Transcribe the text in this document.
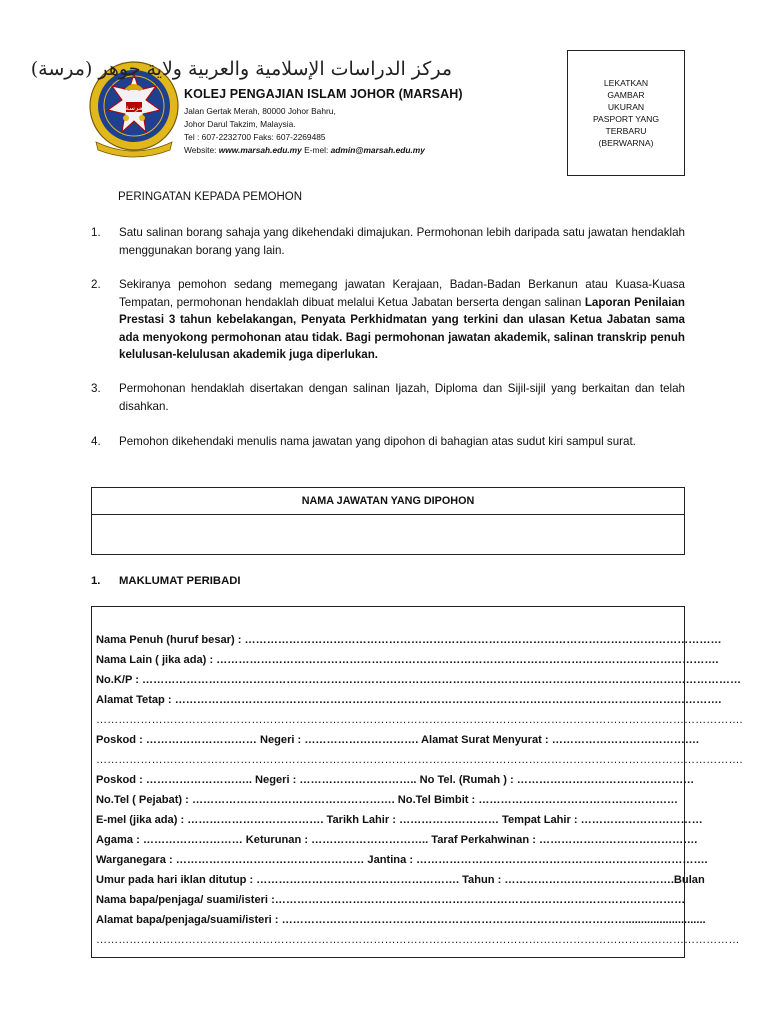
مرسة
مركز الدراسات الإسلامية والعربية ولاية جوهر (مرسة)
KOLEJ PENGAJIAN ISLAM JOHOR (MARSAH)
Jalan Gertak Merah, 80000 Johor Bahru,
Johor Darul Takzim, Malaysia.
Tel : 607-2232700 Faks: 607-2269485
Website: www.marsah.edu.my E-mel: admin@marsah.edu.my
LEKATKAN
GAMBAR
UKURAN
PASPORT YANG
TERBARU
(BERWARNA)
PERINGATAN KEPADA PEMOHON
1. Satu salinan borang sahaja yang dikehendaki dimajukan. Permohonan lebih daripada satu jawatan hendaklah menggunakan borang yang lain.
2. Sekiranya pemohon sedang memegang jawatan Kerajaan, Badan-Badan Berkanun atau Kuasa-Kuasa Tempatan, permohonan hendaklah dibuat melalui Ketua Jabatan berserta dengan salinan Laporan Penilaian Prestasi 3 tahun kebelakangan, Penyata Perkhidmatan yang terkini dan ulasan Ketua Jabatan sama ada menyokong permohonan atau tidak. Bagi permohonan jawatan akademik, salinan transkrip penuh kelulusan-kelulusan akademik juga diperlukan.
3. Permohonan hendaklah disertakan dengan salinan Ijazah, Diploma dan Sijil-sijil yang berkaitan dan telah disahkan.
4. Pemohon dikehendaki menulis nama jawatan yang dipohon di bahagian atas sudut kiri sampul surat.
NAMA JAWATAN YANG DIPOHON
1. MAKLUMAT PERIBADI
Nama Penuh (huruf besar) : …………………………………………………………………………………………………………………
Nama Lain ( jika ada) : ……………………………………………………………………………………………………………………….
No.K/P : ………………………………………………………………………………………………………………………………………………
Alamat Tetap : ………………………………………………………………………………………………………………………………….
………………………………………………………………………………………………………………………………………………………….
Poskod : ………………………… Negeri : …………………………. Alamat Surat Menyurat : ………………………………….
………………………………………………………………………………………………………………………………………………………….
Poskod : ……………………….. Negeri : ………………………….. No Tel. (Rumah ) : …………………………………………
No.Tel ( Pejabat) : ………………………………………………. No.Tel Bimbit : ………………………………………………
E-mel (jika ada) : ………………………………. Tarikh Lahir : ……………………… Tempat Lahir : ……………………………
Agama : ……………………… Keturunan : ………………………….. Taraf Perkahwinan : …………………………………….
Warganegara : …………………………………………… Jantina : …………………………………………………………………….
Umur pada hari iklan ditutup : ………………………………………………. Tahun : ……………………………………….Bulan
Nama bapa/penjaga/ suami/isteri :…………………………………………………………………………………………………
Alamat bapa/penjaga/suami/isteri : …………………………………………………………………………………..........................
…………………………………………………………………………………………………………………………………………………………
